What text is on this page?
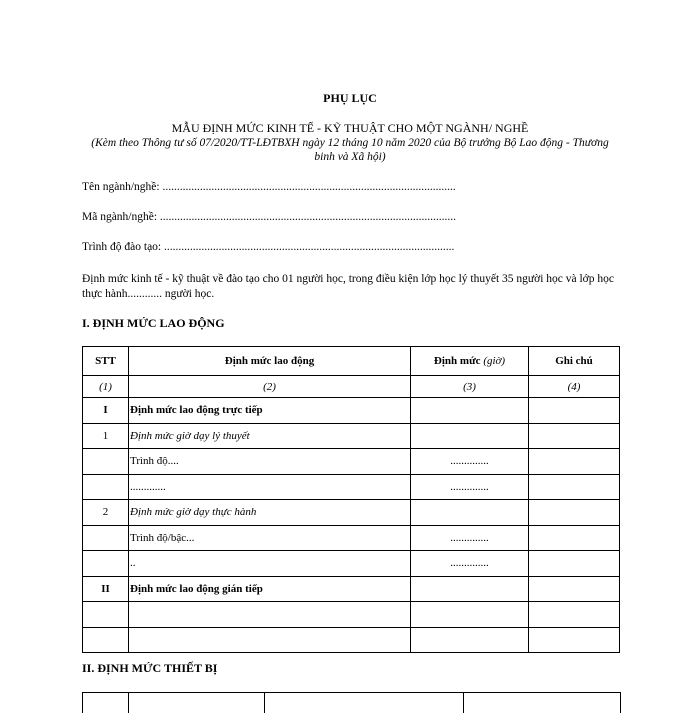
PHỤ LỤC
MẪU ĐỊNH MỨC KINH TẾ - KỸ THUẬT CHO MỘT NGÀNH/ NGHỀ
(Kèm theo Thông tư số 07/2020/TT-LĐTBXH ngày 12 tháng 10 năm 2020 của Bộ trưởng Bộ Lao động - Thương binh và Xã hội)
Tên ngành/nghề: ......................................................................................................
Mã ngành/nghề: .......................................................................................................
Trình độ đào tạo: .....................................................................................................
Định mức kinh tế - kỹ thuật về đào tạo cho 01 người học, trong điều kiện lớp học lý thuyết 35 người học và lớp học thực hành............ người học.
I. ĐỊNH MỨC LAO ĐỘNG
STT	Định mức lao động	Định mức (giờ)	Ghi chú
(1)	(2)	(3)	(4)
I	Định mức lao động trực tiếp		
1	Định mức giờ dạy lý thuyết		
	Trình độ....	..............	
	.............	..............	
2	Định mức giờ dạy thực hành		
	Trình độ/bậc...	..............	
	..	..............	
II	Định mức lao động gián tiếp		

II. ĐỊNH MỨC THIẾT BỊ
